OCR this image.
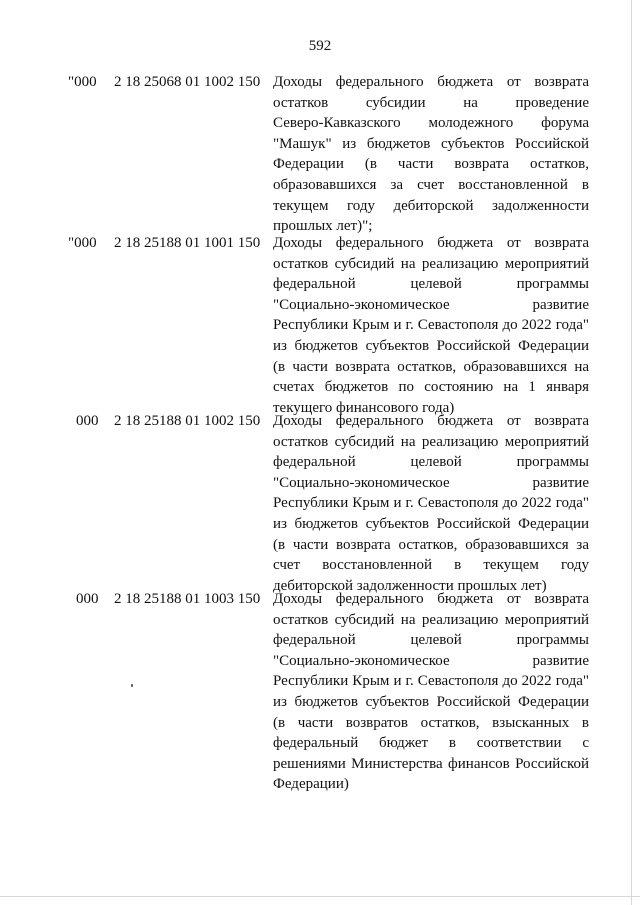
592
"000	2 18 25068 01 1002 150 Доходы федерального бюджета от возврата
остатков субсидии на проведение
Северо-Кавказского молодежного форума
"Машук" из бюджетов субъектов Российской
Федерации (в части возврата остатков,
образовавшихся за счет восстановленной в
текущем году дебиторской задолженности
прошлых лет)";
"000	2 18 25188 01 1001 150 Доходы федерального бюджета от возврата
остатков субсидий на реализацию мероприятий
федеральной целевой программы
"Социально-экономическое развитие
Республики Крым и г. Севастополя до 2022 года"
из бюджетов субъектов Российской Федерации
(в части возврата остатков, образовавшихся на
счетах бюджетов по состоянию на 1 января
текущего финансового года)
000	2 18 25188 01 1002 150 Доходы федерального бюджета от возврата
остатков субсидий на реализацию мероприятий
федеральной целевой программы
"Социально-экономическое развитие
Республики Крым и г. Севастополя до 2022 года"
из бюджетов субъектов Российской Федерации
(в части возврата остатков, образовавшихся за
счет восстановленной в текущем году
дебиторской задолженности прошлых лет)
000	2 18 25188 01 1003 150 Доходы федерального бюджета от возврата
остатков субсидий на реализацию мероприятий
федеральной целевой программы
"Социально-экономическое развитие
Республики Крым и г. Севастополя до 2022 года"
из бюджетов субъектов Российской Федерации
(в части возвратов остатков, взысканных в
федеральный бюджет в соответствии с
решениями Министерства финансов Российской
Федерации)
